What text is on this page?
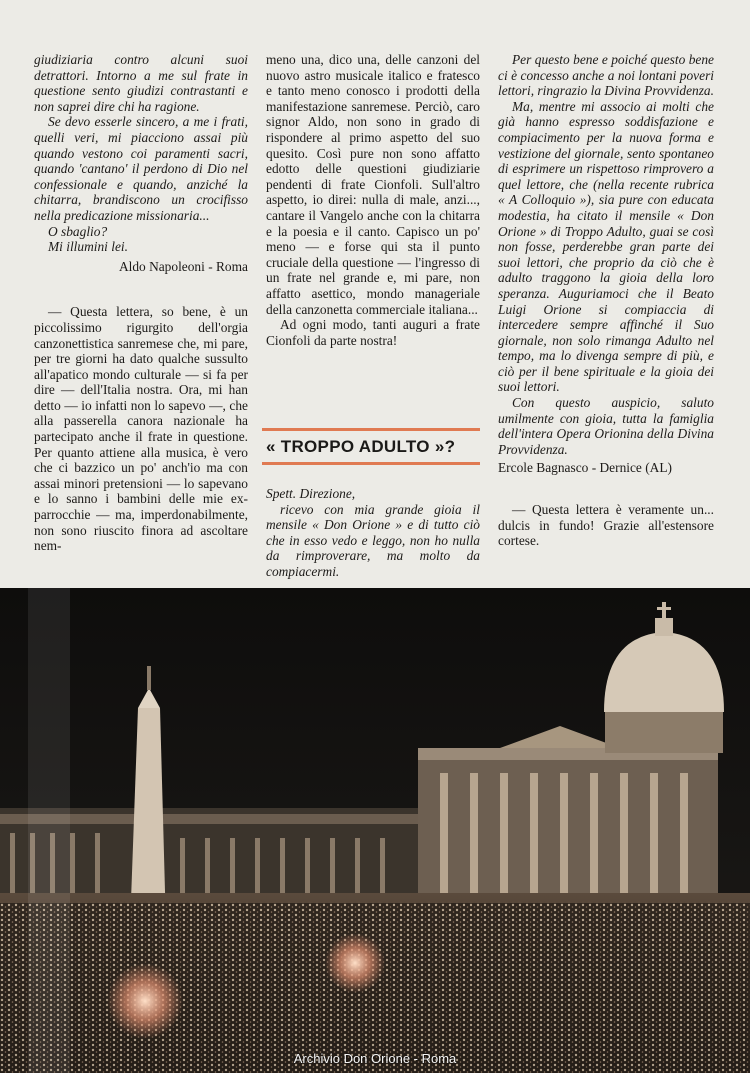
giudiziaria contro alcuni suoi detrattori. Intorno a me sul frate in questione sento giudizi contrastanti e non saprei dire chi ha ragione.

Se devo esserle sincero, a me i frati, quelli veri, mi piacciono assai più quando vestono coi paramenti sacri, quando 'cantano' il perdono di Dio nel confessionale e quando, anziché la chitarra, brandiscono un crocifisso nella predicazione missionaria...

O sbaglio?

Mi illumini lei.

Aldo Napoleoni - Roma

— Questa lettera, so bene, è un piccolissimo rigurgito dell'orgia canzonettistica sanremese che, mi pare, per tre giorni ha dato qualche sussulto all'apatico mondo culturale — si fa per dire — dell'Italia nostra. Ora, mi han detto — io infatti non lo sapevo —, che alla passerella canora nazionale ha partecipato anche il frate in questione. Per quanto attiene alla musica, è vero che ci bazzico un po' anch'io ma con assai minori pretensioni — lo sapevano e lo sanno i bambini delle mie ex-parrocchie — ma, imperdonabilmente, non sono riuscito finora ad ascoltare nem-

meno una, dico una, delle canzoni del nuovo astro musicale italico e fratesco e tanto meno conosco i prodotti della manifestazione sanremese. Perciò, caro signor Aldo, non sono in grado di rispondere al primo aspetto del suo quesito. Così pure non sono affatto edotto delle questioni giudiziarie pendenti di frate Cionfoli. Sull'altro aspetto, io direi: nulla di male, anzi..., cantare il Vangelo anche con la chitarra e la poesia e il canto. Capisco un po' meno — e forse qui sta il punto cruciale della questione — l'ingresso di un frate nel grande e, mi pare, non affatto asettico, mondo manageriale della canzonetta commerciale italiana...

Ad ogni modo, tanti auguri a frate Cionfoli da parte nostra!

« TROPPO ADULTO »?

Spett. Direzione,

ricevo con mia grande gioia il mensile « Don Orione » e di tutto ciò che in esso vedo e leggo, non ho nulla da rimproverare, ma molto da compiacermi.

Per questo bene e poiché questo bene ci è concesso anche a noi lontani poveri lettori, ringrazio la Divina Provvidenza.

Ma, mentre mi associo ai molti che già hanno espresso soddisfazione e compiacimento per la nuova forma e vestizione del giornale, sento spontaneo di esprimere un rispettoso rimprovero a quel lettore, che (nella recente rubrica « A Colloquio »), sia pure con educata modestia, ha citato il mensile « Don Orione » di Troppo Adulto, guai se così non fosse, perderebbe gran parte dei suoi lettori, che proprio da ciò che è adulto traggono la gioia della loro speranza. Auguriamoci che il Beato Luigi Orione si compiaccia di intercedere sempre affinché il Suo giornale, non solo rimanga Adulto nel tempo, ma lo divenga sempre di più, e ciò per il bene spirituale e la gioia dei suoi lettori.

Con questo auspicio, saluto umilmente con gioia, tutta la famiglia dell'intera Opera Orionina della Divina Provvidenza.

Ercole Bagnasco - Dernice (AL)

— Questa lettera è veramente un... dulcis in fundo! Grazie all'estensore cortese.

Archivio Don Orione - Roma
